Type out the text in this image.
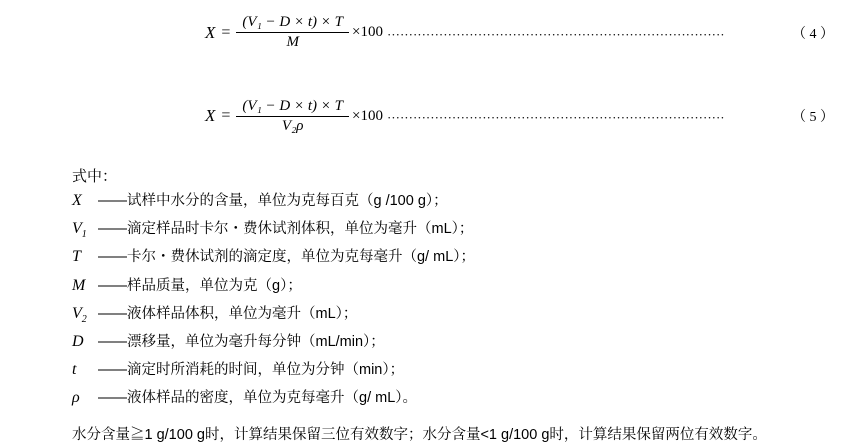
$X = \frac{\text{(V₁ − D × t) × T}}{M} \times 100$ ··············································································	（ 4 ）
$X = \frac{\text{(V₁ − D × t) × T}}{\text{V₂ρ}} \times 100$ ··············································································	（ 5 ）
式中：
X	——试样中水分的含量，单位为克每百克（g /100 g）；
$V_1$ ——滴定样品时卡尔・费休试剂体积，单位为毫升（mL）；
T	——卡尔・费休试剂的滴定度，单位为克每毫升（g/ mL）；
M ——样品质量，单位为克（g）；
$V_2$ ——液体样品体积，单位为毫升（mL）；
D ——漂移量，单位为毫升每分钟（mL/min）；
t	——滴定时所消耗的时间，单位为分钟（min）；
ρ	——液体样品的密度，单位为克每毫升（g/ mL）。
水分含量≧1 g/100 g时，计算结果保留三位有效数字；水分含量<1 g/100 g时，计算结果保留两位有效数字。
